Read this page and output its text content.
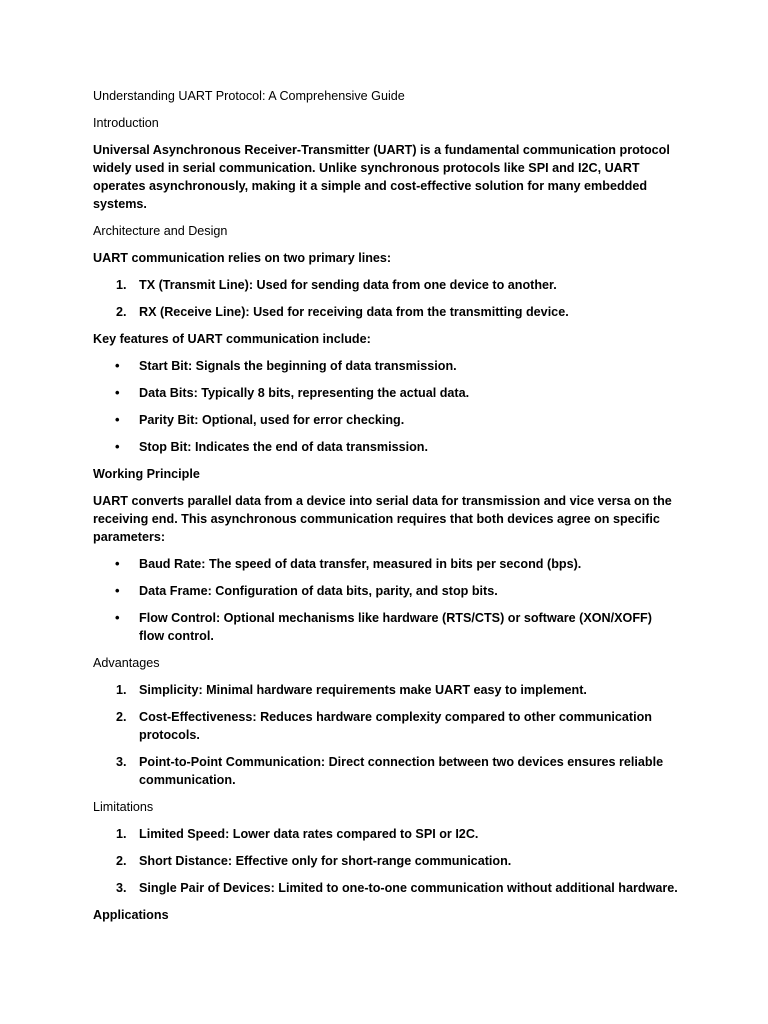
Understanding UART Protocol: A Comprehensive Guide
Introduction
Universal Asynchronous Receiver-Transmitter (UART) is a fundamental communication protocol widely used in serial communication. Unlike synchronous protocols like SPI and I2C, UART operates asynchronously, making it a simple and cost-effective solution for many embedded systems.
Architecture and Design
UART communication relies on two primary lines:
1. TX (Transmit Line): Used for sending data from one device to another.
2. RX (Receive Line): Used for receiving data from the transmitting device.
Key features of UART communication include:
• Start Bit: Signals the beginning of data transmission.
• Data Bits: Typically 8 bits, representing the actual data.
• Parity Bit: Optional, used for error checking.
• Stop Bit: Indicates the end of data transmission.
Working Principle
UART converts parallel data from a device into serial data for transmission and vice versa on the receiving end. This asynchronous communication requires that both devices agree on specific parameters:
• Baud Rate: The speed of data transfer, measured in bits per second (bps).
• Data Frame: Configuration of data bits, parity, and stop bits.
• Flow Control: Optional mechanisms like hardware (RTS/CTS) or software (XON/XOFF) flow control.
Advantages
1. Simplicity: Minimal hardware requirements make UART easy to implement.
2. Cost-Effectiveness: Reduces hardware complexity compared to other communication protocols.
3. Point-to-Point Communication: Direct connection between two devices ensures reliable communication.
Limitations
1. Limited Speed: Lower data rates compared to SPI or I2C.
2. Short Distance: Effective only for short-range communication.
3. Single Pair of Devices: Limited to one-to-one communication without additional hardware.
Applications
